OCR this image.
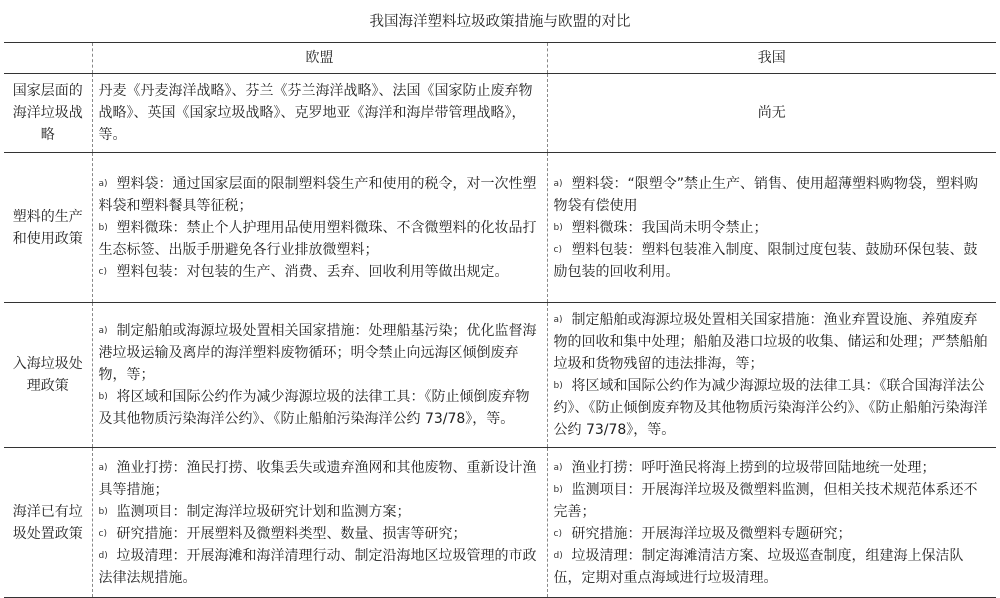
我国海洋塑料垃圾政策措施与欧盟的对比
	欧盟	我国
国家层面的海洋垃圾战略	丹麦《丹麦海洋战略》、芬兰《芬兰海洋战略》、法国《国家防止废弃物战略》、英国《国家垃圾战略》、克罗地亚《海洋和海岸带管理战略》，等。	尚无

塑料的生产和使用政策	a) 塑料袋：通过国家层面的限制塑料袋生产和使用的税令，对一次性塑料袋和塑料餐具等征税；
b) 塑料微珠：禁止个人护理用品使用塑料微珠、不含微塑料的化妆品打生态标签、出版手册避免各行业排放微塑料；
c) 塑料包装：对包装的生产、消费、丢弃、回收利用等做出规定。	a) 塑料袋：“限塑令”禁止生产、销售、使用超薄塑料购物袋，塑料购物袋有偿使用
b) 塑料微珠：我国尚未明令禁止；
c) 塑料包装：塑料包装准入制度、限制过度包装、鼓励环保包装、鼓励包装的回收利用。

入海垃圾处理政策	a) 制定船舶或海源垃圾处置相关国家措施：处理船基污染；优化监督海港垃圾运输及离岸的海洋塑料废物循环；明令禁止向远海区倾倒废弃物，等；
b) 将区域和国际公约作为减少海源垃圾的法律工具：《防止倾倒废弃物及其他物质污染海洋公约》、《防止船舶污染海洋公约 73/78》，等。	a) 制定船舶或海源垃圾处置相关国家措施：渔业弃置设施、养殖废弃物的回收和集中处理；船舶及港口垃圾的收集、储运和处理；严禁船舶垃圾和货物残留的违法排海，等；
b) 将区域和国际公约作为减少海源垃圾的法律工具：《联合国海洋法公约》、《防止倾倒废弃物及其他物质污染海洋公约》、《防止船舶污染海洋公约 73/78》，等。

海洋已有垃圾处置政策	a) 渔业打捞：渔民打捞、收集丢失或遗弃渔网和其他废物、重新设计渔具等措施；
b) 监测项目：制定海洋垃圾研究计划和监测方案；
c) 研究措施：开展塑料及微塑料类型、数量、损害等研究；
d) 垃圾清理：开展海滩和海洋清理行动、制定沿海地区垃圾管理的市政法律法规措施。	a) 渔业打捞：呼吁渔民将海上捞到的垃圾带回陆地统一处理；
b) 监测项目：开展海洋垃圾及微塑料监测，但相关技术规范体系还不完善；
c) 研究措施：开展海洋垃圾及微塑料专题研究；
d) 垃圾清理：制定海滩清洁方案、垃圾巡查制度，组建海上保洁队伍，定期对重点海域进行垃圾清理。
